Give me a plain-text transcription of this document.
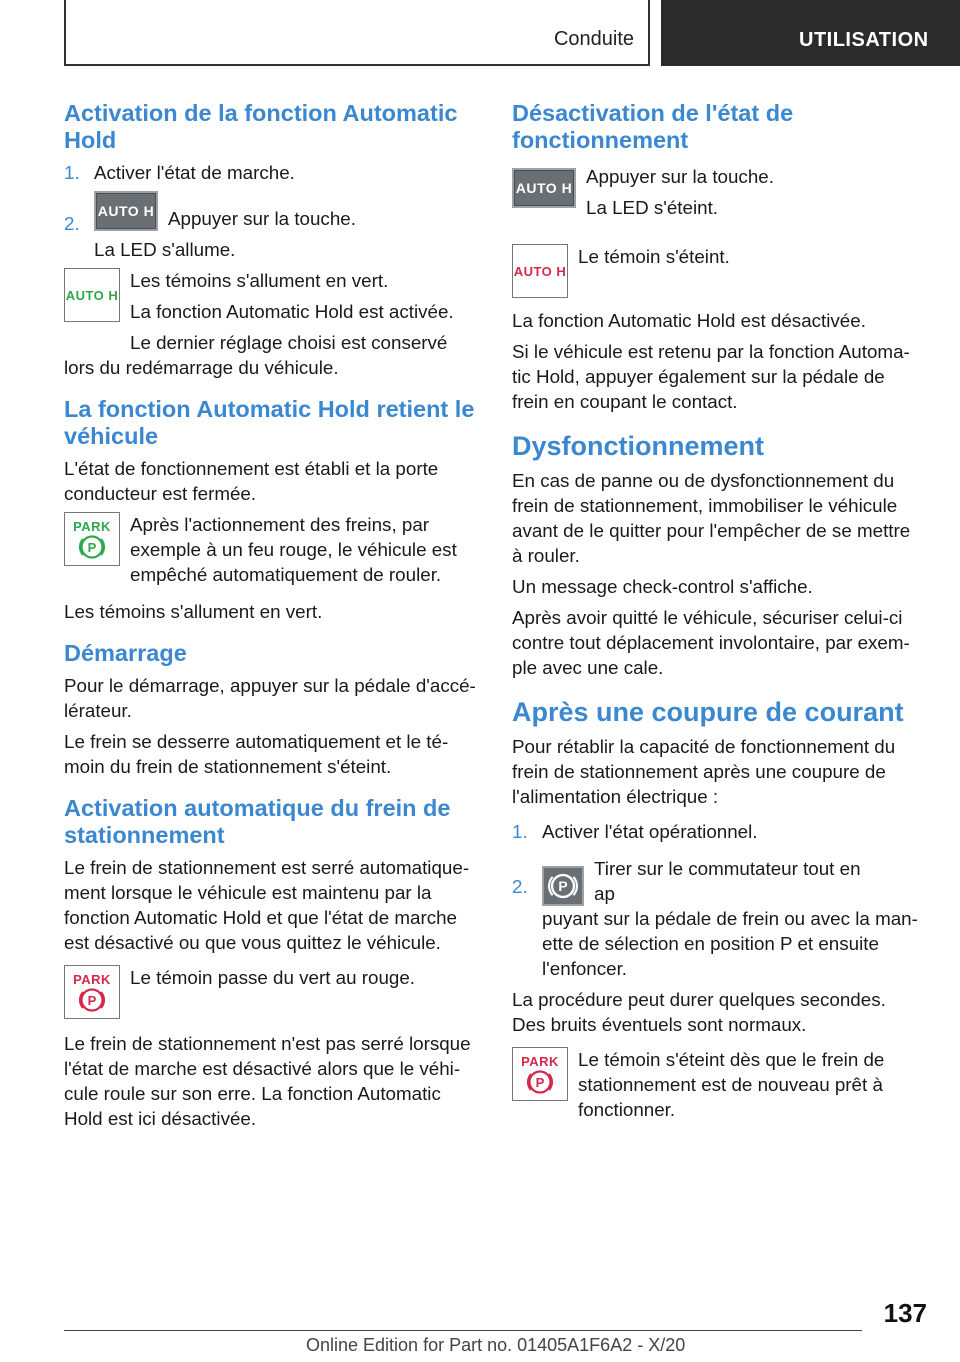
Conduite	UTILISATION
Activation de la fonction Automatic Hold
1. Activer l'état de marche.
2.
AUTO H Appuyer sur la touche.
La LED s'allume.
AUTO H

Les témoins s'allument en vert.

La fonction Automatic Hold est activée.

Le dernier réglage choisi est conservé

lors du redémarrage du véhicule.

La fonction Automatic Hold retient le véhicule

L'état de fonctionnement est établi et la porte conducteur est fermée.

PARK
P

Après l'actionnement des freins, par exemple à un feu rouge, le véhicule est empêché automatiquement de rouler.

Les témoins s'allument en vert.

Démarrage

Pour le démarrage, appuyer sur la pédale d'accélérateur.

Le frein se desserre automatiquement et le témoin du frein de stationnement s'éteint.

Activation automatique du frein de stationnement

Le frein de stationnement est serré automatiquement lorsque le véhicule est maintenu par la fonction Automatic Hold et que l'état de marche est désactivé ou que vous quittez le véhicule.

PARK
P

Le témoin passe du vert au rouge.

Le frein de stationnement n'est pas serré lorsque l'état de marche est désactivé alors que le véhicule roule sur son erre. La fonction Automatic Hold est ici désactivée.

Désactivation de l'état de fonctionnement
AUTO H

Appuyer sur la touche.

La LED s'éteint.

AUTO H

Le témoin s'éteint.

La fonction Automatic Hold est désactivée.

Si le véhicule est retenu par la fonction Automatic Hold, appuyer également sur la pédale de frein en coupant le contact.

Dysfonctionnement

En cas de panne ou de dysfonctionnement du frein de stationnement, immobiliser le véhicule avant de le quitter pour l'empêcher de se mettre à rouler.

Un message check-control s'affiche.

Après avoir quitté le véhicule, sécuriser celui-ci contre tout déplacement involontaire, par exemple avec une cale.

Après une coupure de courant

Pour rétablir la capacité de fonctionnement du frein de stationnement après une coupure de l'alimentation électrique :

1. Activer l'état opérationnel.
2.	P
Tirer sur le commutateur tout en ap
puyant sur la pédale de frein ou avec la manette de sélection en position P et ensuite l'enfoncer.

La procédure peut durer quelques secondes. Des bruits éventuels sont normaux.

PARK
P

Le témoin s'éteint dès que le frein de stationnement est de nouveau prêt à fonctionner.

137
Online Edition for Part no. 01405A1F6A2 - X/20
